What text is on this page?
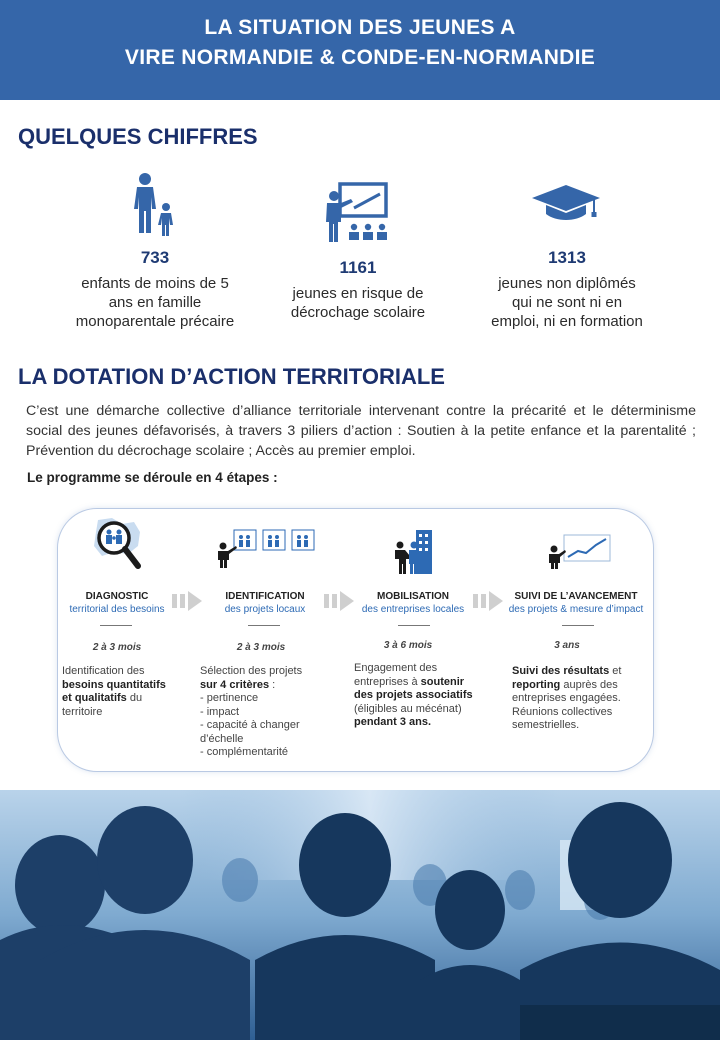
LA SITUATION DES JEUNES A
VIRE NORMANDIE & CONDE-EN-NORMANDIE
QUELQUES CHIFFRES
733
enfants de moins de 5
ans en famille
monoparentale précaire
1161
jeunes en risque de
décrochage scolaire
1313
jeunes non diplômés
qui ne sont ni en
emploi, ni en formation
LA DOTATION D’ACTION TERRITORIALE
C’est une démarche collective d’alliance territoriale intervenant contre la précarité et le déterminisme social des jeunes défavorisés, à travers 3 piliers d’action : Soutien à la petite enfance et la parentalité ; Prévention du décrochage scolaire ; Accès au premier emploi.
Le programme se déroule en 4 étapes :
DIAGNOSTIC
territorial des besoins
IDENTIFICATION
des projets locaux
MOBILISATION
des entreprises locales
SUIVI DE L’AVANCEMENT
des projets & mesure d’impact
2 à 3 mois	2 à 3 mois	3 à 6 mois	3 ans
Identification des
besoins quantitatifs
et qualitatifs du
territoire
Sélection des projets
sur 4 critères :
- pertinence
- impact
- capacité à changer
d’échelle
- complémentarité
Engagement des
entreprises à soutenir
des projets associatifs
(éligibles au mécénat)
pendant 3 ans.
Suivi des résultats et
reporting auprès des
entreprises engagées.
Réunions collectives
semestrielles.
